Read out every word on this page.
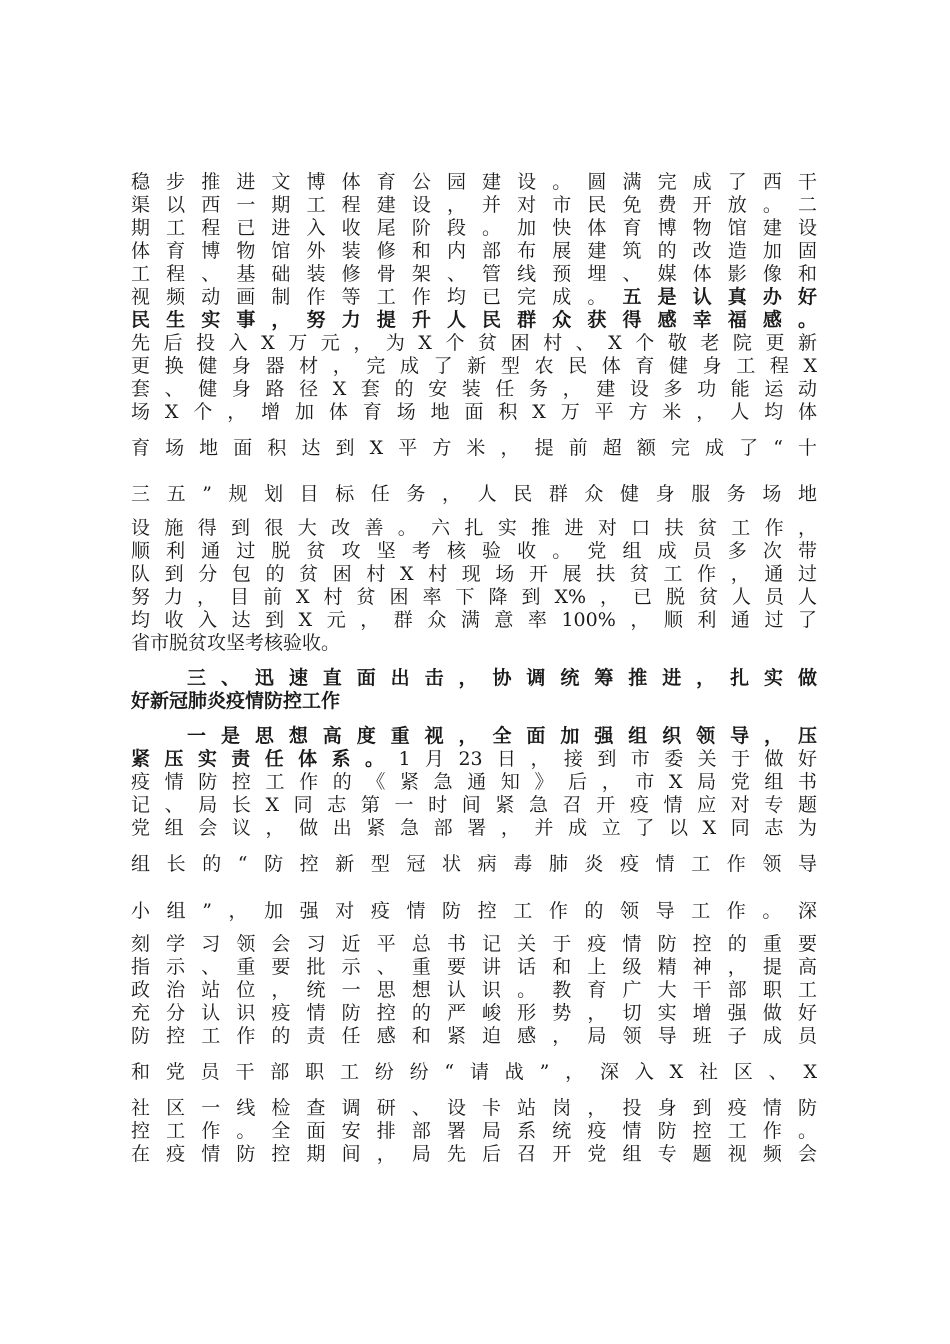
稳步推进文博体育公园建设。圆满完成了西干
渠以西一期工程建设，并对市民免费开放。二
期工程已进入收尾阶段。加快体育博物馆建设
体育博物馆外装修和内部布展建筑的改造加固
工程、基础装修骨架、管线预埋、媒体影像和
视频动画制作等工作均已完成。五是认真办好
民生实事，努力提升人民群众获得感幸福感。
先后投入X万元，为X个贫困村、X个敬老院更新
更换健身器材，完成了新型农民体育健身工程X
套、健身路径X套的安装任务，建设多功能运动
场X个，增加体育场地面积X万平方米，人均体
育场地面积达到X平方米，提前超额完成了“十
三五”规划目标任务，人民群众健身服务场地
设施得到很大改善。六扎实推进对口扶贫工作，
顺利通过脱贫攻坚考核验收。党组成员多次带
队到分包的贫困村X村现场开展扶贫工作，通过
努力，目前X村贫困率下降到X%，已脱贫人员人
均收入达到X元，群众满意率100%，顺利通过了
省市脱贫攻坚考核验收。
三、迅速直面出击，协调统筹推进，扎实做
好新冠肺炎疫情防控工作
一是思想高度重视，全面加强组织领导，压
紧压实责任体系。1月23日，接到市委关于做好
疫情防控工作的《紧急通知》后，市X局党组书
记、局长X同志第一时间紧急召开疫情应对专题
党组会议，做出紧急部署，并成立了以X同志为
组长的“防控新型冠状病毒肺炎疫情工作领导
小组”，加强对疫情防控工作的领导工作。深
刻学习领会习近平总书记关于疫情防控的重要
指示、重要批示、重要讲话和上级精神，提高
政治站位，统一思想认识。教育广大干部职工
充分认识疫情防控的严峻形势，切实增强做好
防控工作的责任感和紧迫感，局领导班子成员
和党员干部职工纷纷“请战”，深入X社区、X
社区一线检查调研、设卡站岗，投身到疫情防
控工作。全面安排部署局系统疫情防控工作。
在疫情防控期间，局先后召开党组专题视频会
